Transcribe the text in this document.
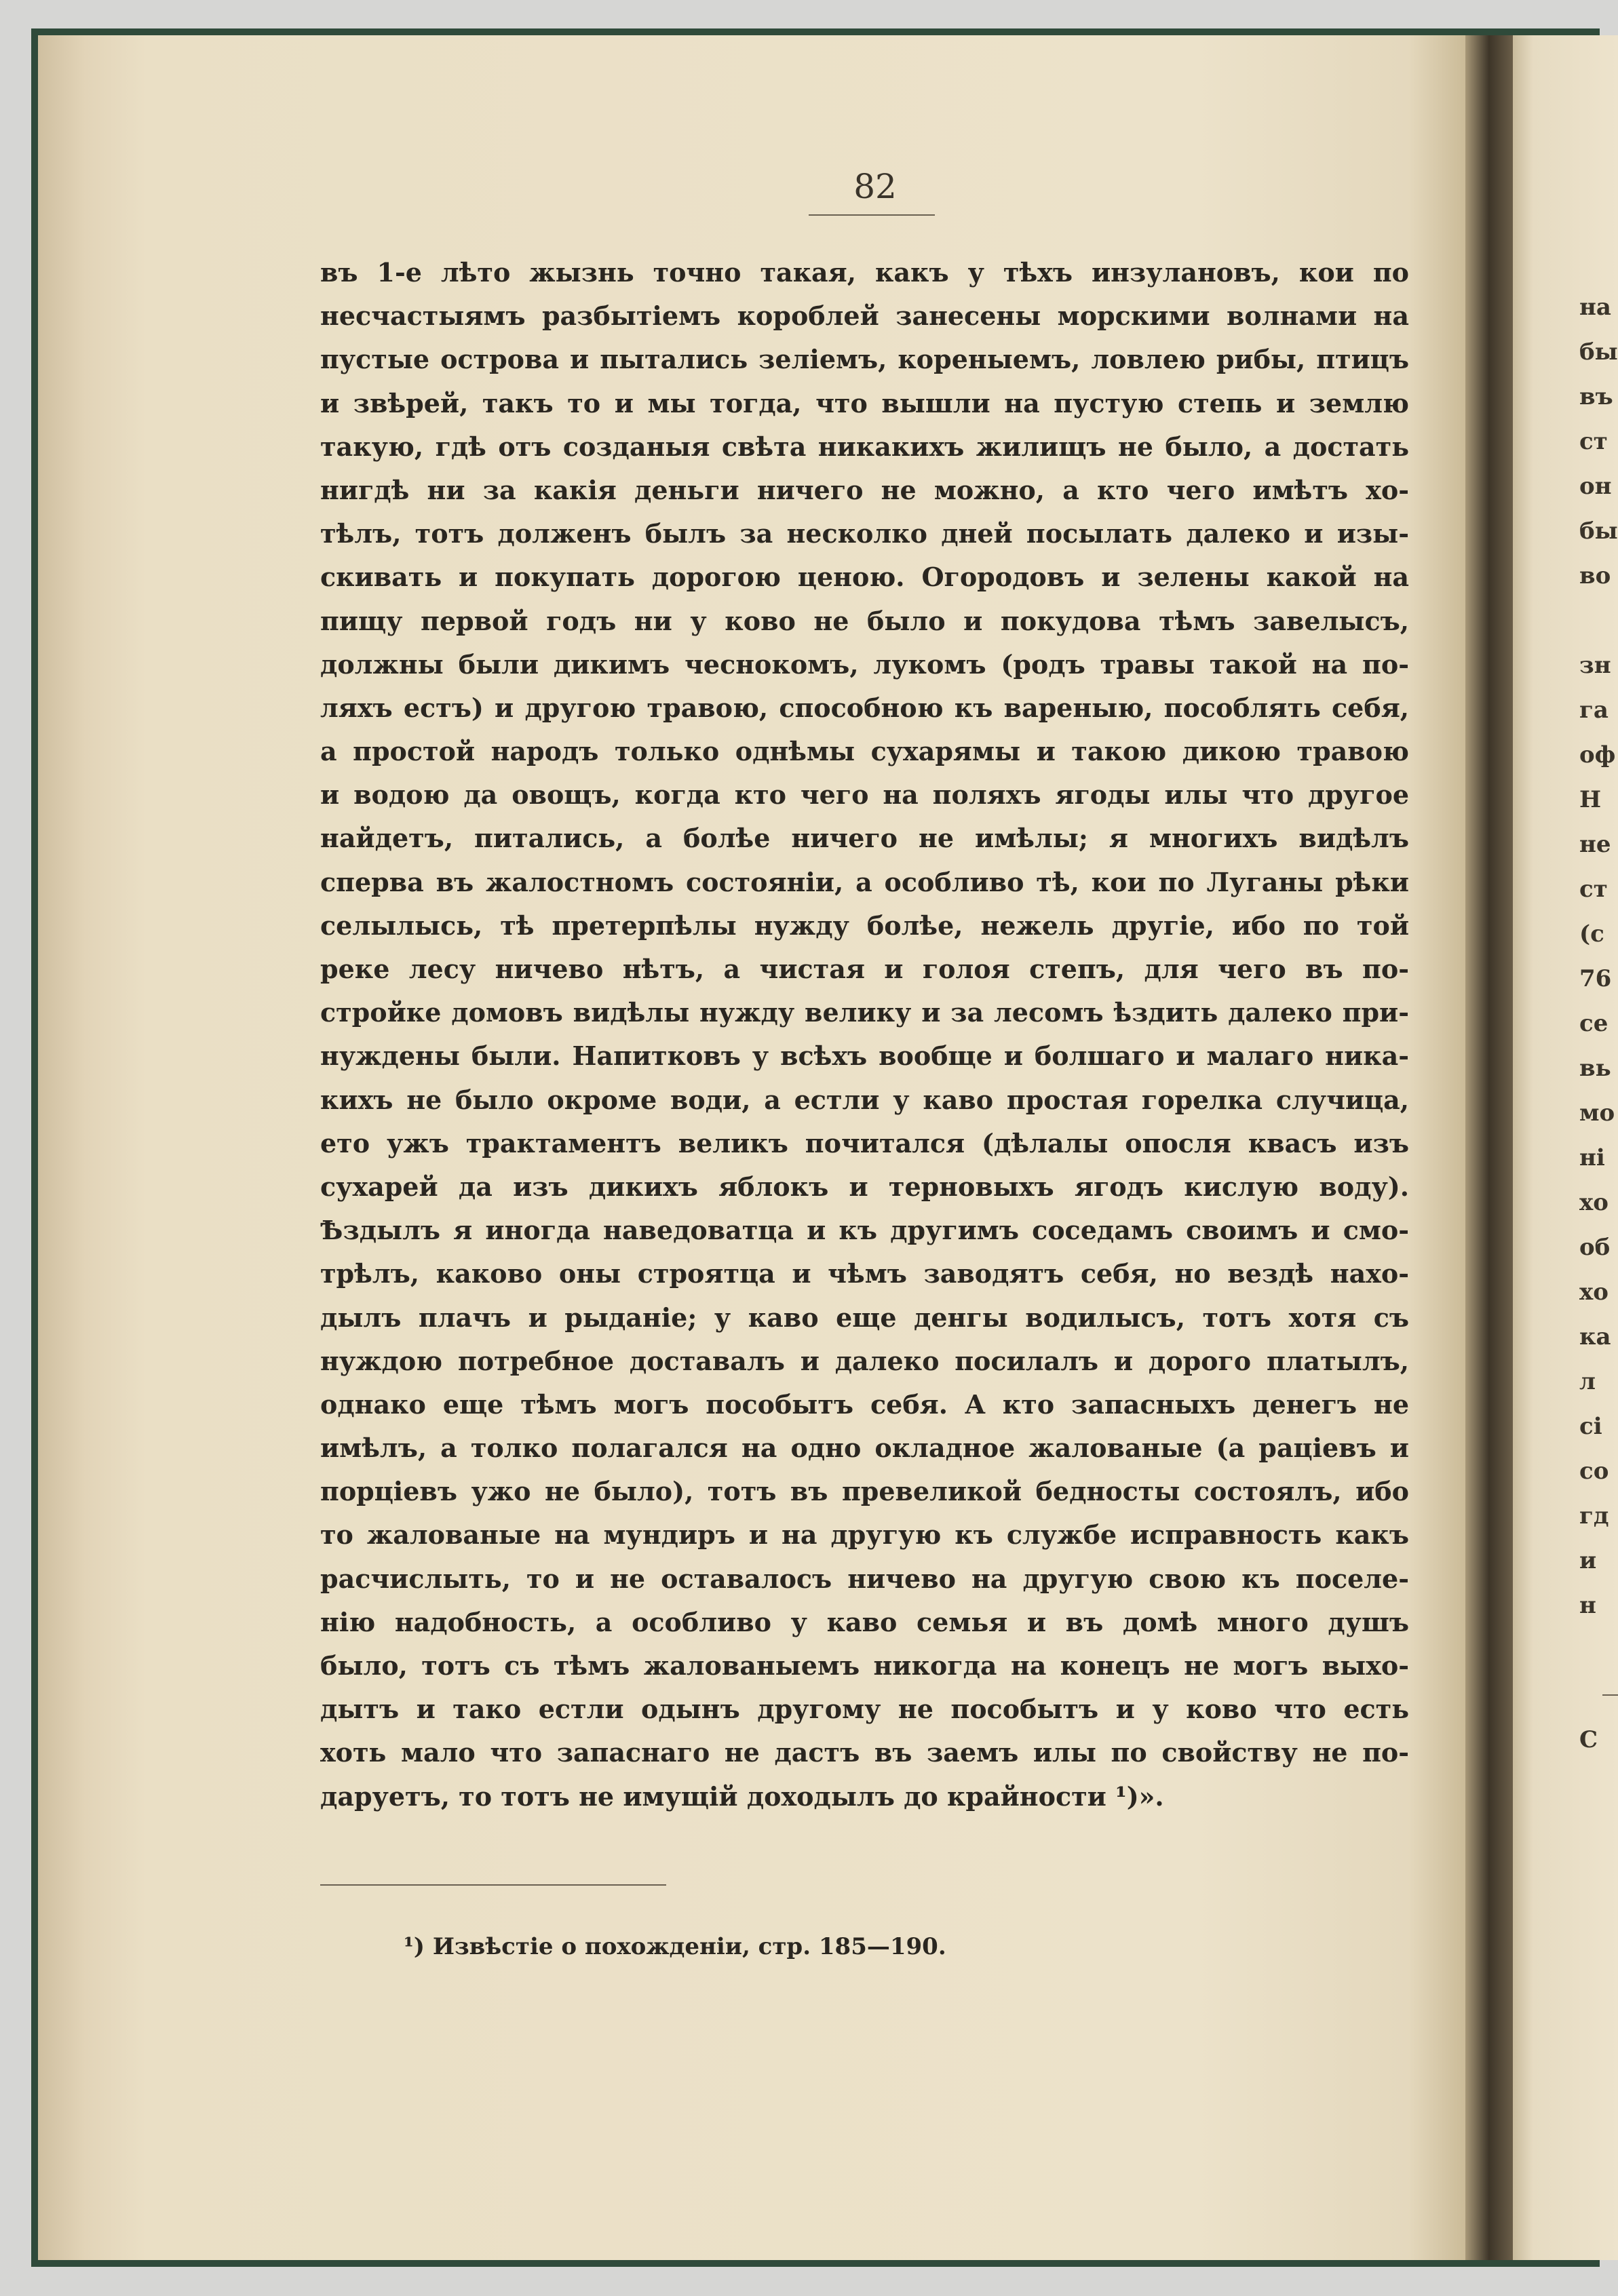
82
въ 1-е лѣто жызнь точно такая, какъ у тѣхъ инзулановъ, кои по
несчастыямъ разбытіемъ короблей занесены морскими волнами на
пустые острова и пытались зеліемъ, кореныемъ, ловлею рибы, птицъ
и звѣрей, такъ то и мы тогда, что вышли на пустую степь и землю
такую, гдѣ отъ созданыя свѣта никакихъ жилищъ не было, а достать
нигдѣ ни за какія деньги ничего не можно, а кто чего имѣтъ хо-
тѣлъ, тотъ долженъ былъ за несколко дней посылать далеко и изы-
скивать и покупать дорогою ценою. Огородовъ и зелены какой на
пищу первой годъ ни у ково не было и покудова тѣмъ завелысъ,
должны были дикимъ чеснокомъ, лукомъ (родъ травы такой на по-
ляхъ естъ) и другою травою, способною къ вареныю, пособлять себя,
а простой народъ только однѣмы сухарямы и такою дикою травою
и водою да овощъ, когда кто чего на поляхъ ягоды илы что другое
найдетъ, питались, а болѣе ничего не имѣлы; я многихъ видѣлъ
сперва въ жалостномъ состояніи, а особливо тѣ, кои по Луганы рѣки
селылысь, тѣ претерпѣлы нужду болѣе, нежель другіе, ибо по той
реке лесу ничево нѣтъ, а чистая и голоя степъ, для чего въ по-
стройке домовъ видѣлы нужду велику и за лесомъ ѣздить далеко при-
нуждены были. Напитковъ у всѣхъ вообще и болшаго и малаго ника-
кихъ не было окроме води, а естли у каво простая горелка случица,
ето ужъ трактаментъ великъ почитался (дѣлалы опосля квасъ изъ
сухарей да изъ дикихъ яблокъ и терновыхъ ягодъ кислую воду).
Ѣздылъ я иногда наведоватца и къ другимъ соседамъ своимъ и смо-
трѣлъ, каково оны строятца и чѣмъ заводятъ себя, но вездѣ нахо-
дылъ плачъ и рыданіе; у каво еще денгы водилысъ, тотъ хотя съ
нуждою потребное доставалъ и далеко посилалъ и дорого платылъ,
однако еще тѣмъ могъ пособытъ себя. А кто запасныхъ денегъ не
имѣлъ, а толко полагался на одно окладное жалованые (а раціевъ и
порціевъ ужо не было), тотъ въ превеликой бедносты состоялъ, ибо
то жалованые на мундиръ и на другую къ службе исправность какъ
расчислыть, то и не оставалосъ ничево на другую свою къ поселе-
нію надобность, а особливо у каво семья и въ домѣ много душъ
было, тотъ съ тѣмъ жалованыемъ никогда на конецъ не могъ выхо-
дытъ и тако естли одынъ другому не пособытъ и у ково что есть
хоть мало что запаснаго не дастъ въ заемъ илы по свойству не по-
даруетъ, то тотъ не имущій доходылъ до крайности ¹)».
¹) Извѣстіе о похожденіи, стр. 185—190.
на
бы
въ
ст
он
бы
во
зн
га
оф
Н
не
ст
(с
76
се
вь
мо
ні
хо
об
хо
ка
л
сі
со
гд
и
н
С
